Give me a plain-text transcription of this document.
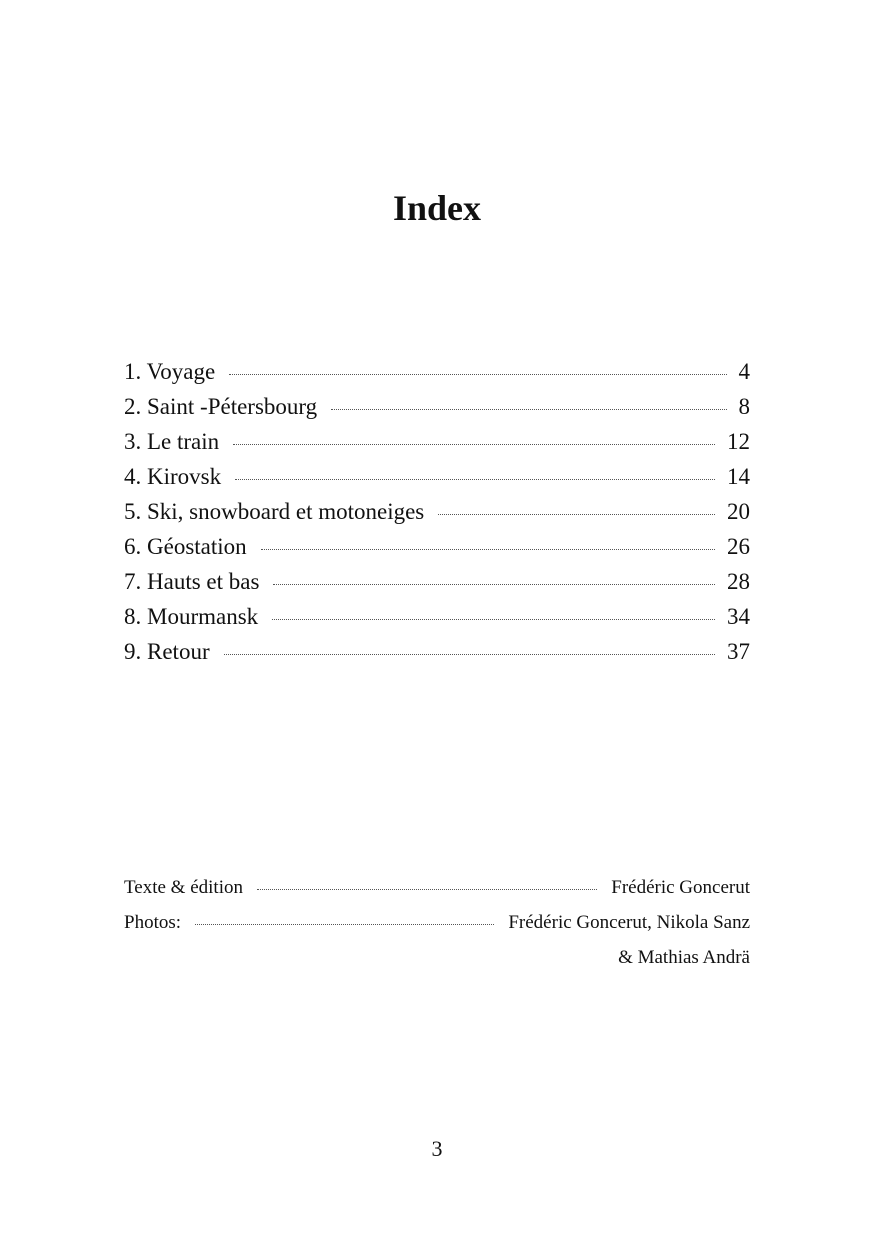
Index
1. Voyage	4
2. Saint -Pétersbourg	8
3. Le train	12
4. Kirovsk	14
5. Ski, snowboard et motoneiges	20
6. Géostation	26
7. Hauts et bas	28
8. Mourmansk	34
9. Retour	37
Texte & édition	Frédéric Goncerut
Photos:	Frédéric Goncerut, Nikola Sanz
& Mathias Andrä
3
